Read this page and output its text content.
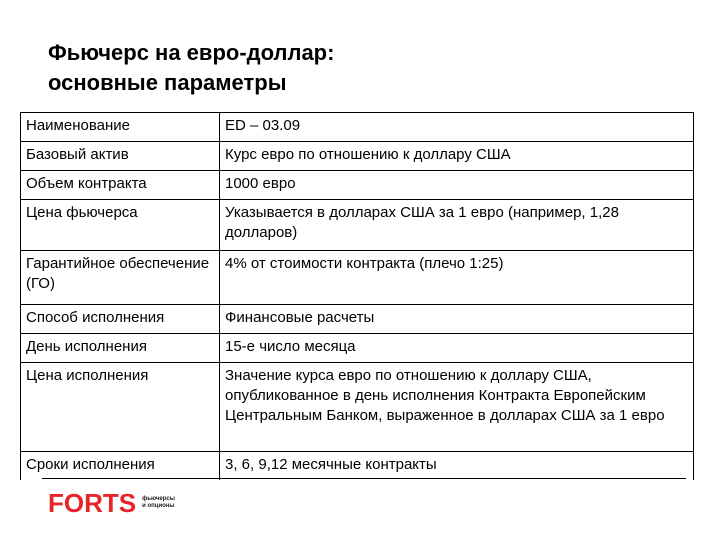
Фьючерс на евро-доллар:
основные параметры
Наименование	ED – 03.09
Базовый актив	Курс евро по отношению к доллару США
Объем контракта	1000 евро
Цена фьючерса	Указывается в долларах США за 1 евро (например, 1,28 долларов)
Гарантийное обеспечение (ГО)	4% от стоимости контракта (плечо 1:25)
Способ исполнения	Финансовые расчеты
День исполнения	15-е число месяца
Цена исполнения	Значение курса евро по отношению к доллару США, опубликованное в день исполнения Контракта Европейским Центральным Банком, выраженное в долларах США за 1 евро
Сроки исполнения	3, 6, 9,12 месячные контракты
FORTS фьючерсы
и опционы
